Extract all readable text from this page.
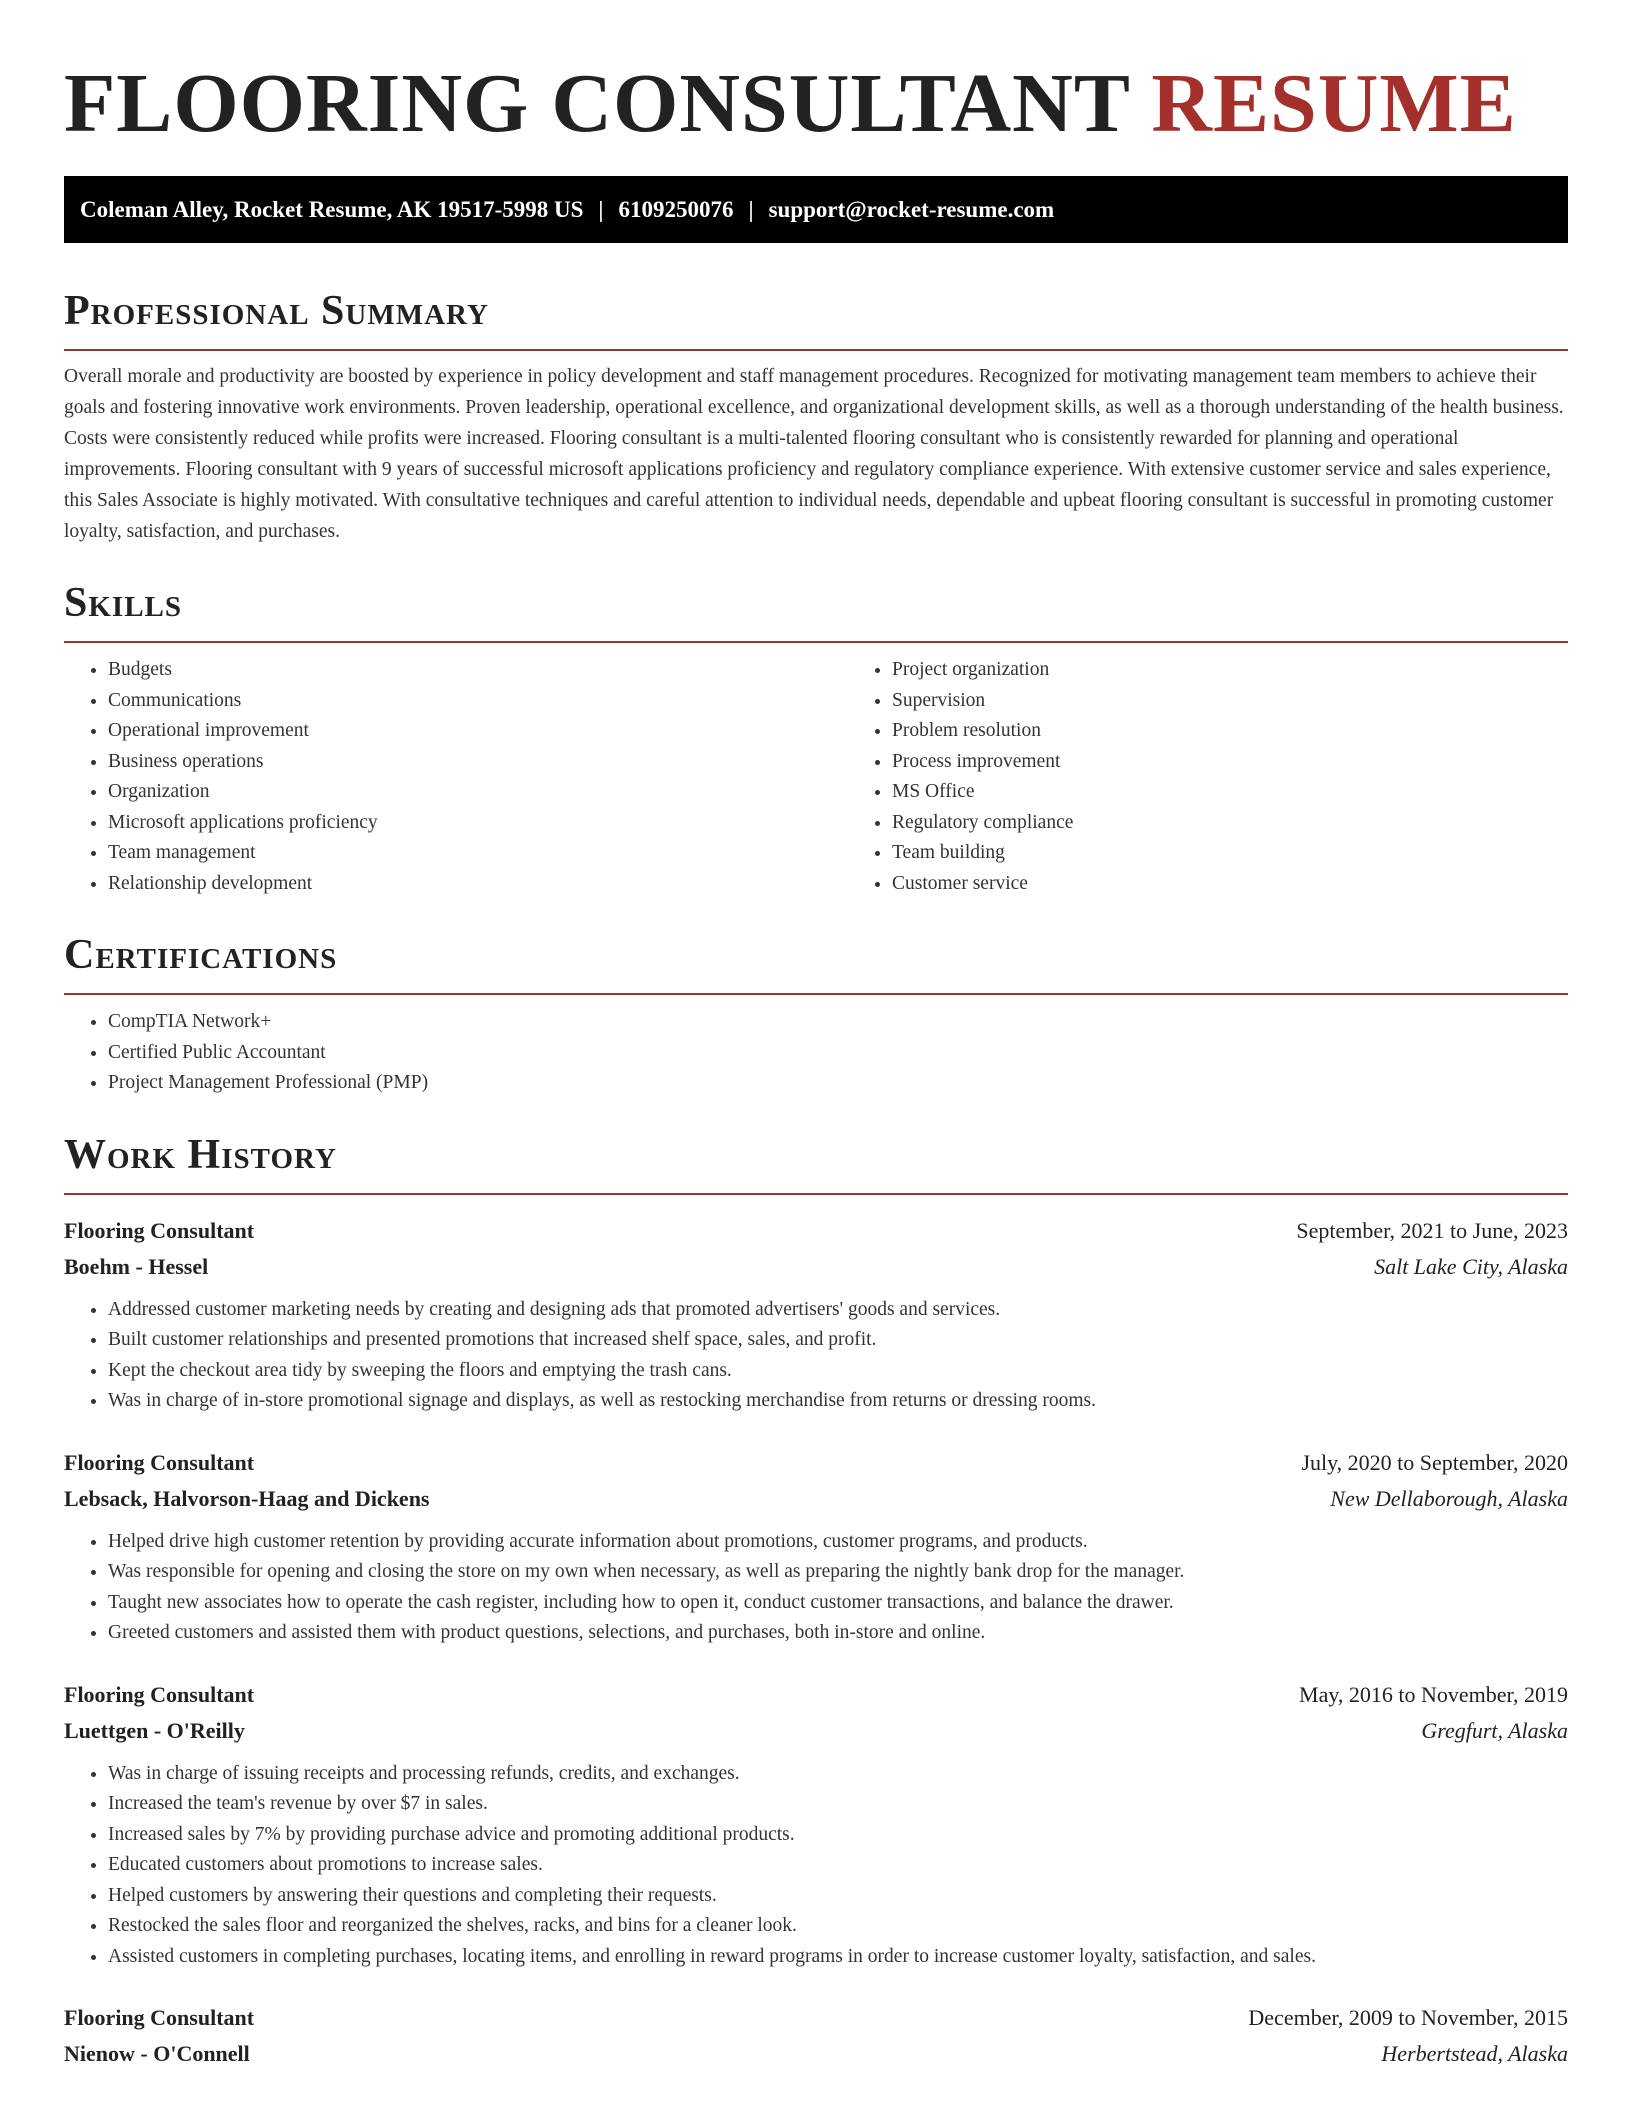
FLOORING CONSULTANT RESUME
Coleman Alley, Rocket Resume, AK 19517-5998 US | 6109250076 | support@rocket-resume.com
Professional Summary

Overall morale and productivity are boosted by experience in policy development and staff management procedures. Recognized for motivating management team members to achieve their goals and fostering innovative work environments. Proven leadership, operational excellence, and organizational development skills, as well as a thorough understanding of the health business. Costs were consistently reduced while profits were increased. Flooring consultant is a multi-talented flooring consultant who is consistently rewarded for planning and operational improvements. Flooring consultant with 9 years of successful microsoft applications proficiency and regulatory compliance experience. With extensive customer service and sales experience, this Sales Associate is highly motivated. With consultative techniques and careful attention to individual needs, dependable and upbeat flooring consultant is successful in promoting customer loyalty, satisfaction, and purchases.

Skills
• Budgets
• Communications
• Operational improvement
• Business operations
• Organization
• Microsoft applications proficiency
• Team management
• Relationship development
• Project organization
• Supervision
• Problem resolution
• Process improvement
• MS Office
• Regulatory compliance
• Team building
• Customer service
Certifications
• CompTIA Network+
• Certified Public Accountant
• Project Management Professional (PMP)
Work History
Flooring Consultant	September, 2021 to June, 2023
Boehm - Hessel	Salt Lake City, Alaska
• Addressed customer marketing needs by creating and designing ads that promoted advertisers' goods and services.
• Built customer relationships and presented promotions that increased shelf space, sales, and profit.
• Kept the checkout area tidy by sweeping the floors and emptying the trash cans.
• Was in charge of in-store promotional signage and displays, as well as restocking merchandise from returns or dressing rooms.
Flooring Consultant	July, 2020 to September, 2020
Lebsack, Halvorson-Haag and Dickens	New Dellaborough, Alaska
• Helped drive high customer retention by providing accurate information about promotions, customer programs, and products.
• Was responsible for opening and closing the store on my own when necessary, as well as preparing the nightly bank drop for the manager.
• Taught new associates how to operate the cash register, including how to open it, conduct customer transactions, and balance the drawer.
• Greeted customers and assisted them with product questions, selections, and purchases, both in-store and online.
Flooring Consultant	May, 2016 to November, 2019
Luettgen - O'Reilly	Gregfurt, Alaska
• Was in charge of issuing receipts and processing refunds, credits, and exchanges.
• Increased the team's revenue by over $7 in sales.
• Increased sales by 7% by providing purchase advice and promoting additional products.
• Educated customers about promotions to increase sales.
• Helped customers by answering their questions and completing their requests.
• Restocked the sales floor and reorganized the shelves, racks, and bins for a cleaner look.
• Assisted customers in completing purchases, locating items, and enrolling in reward programs in order to increase customer loyalty, satisfaction, and sales.
Flooring Consultant	December, 2009 to November, 2015
Nienow - O'Connell	Herbertstead, Alaska
